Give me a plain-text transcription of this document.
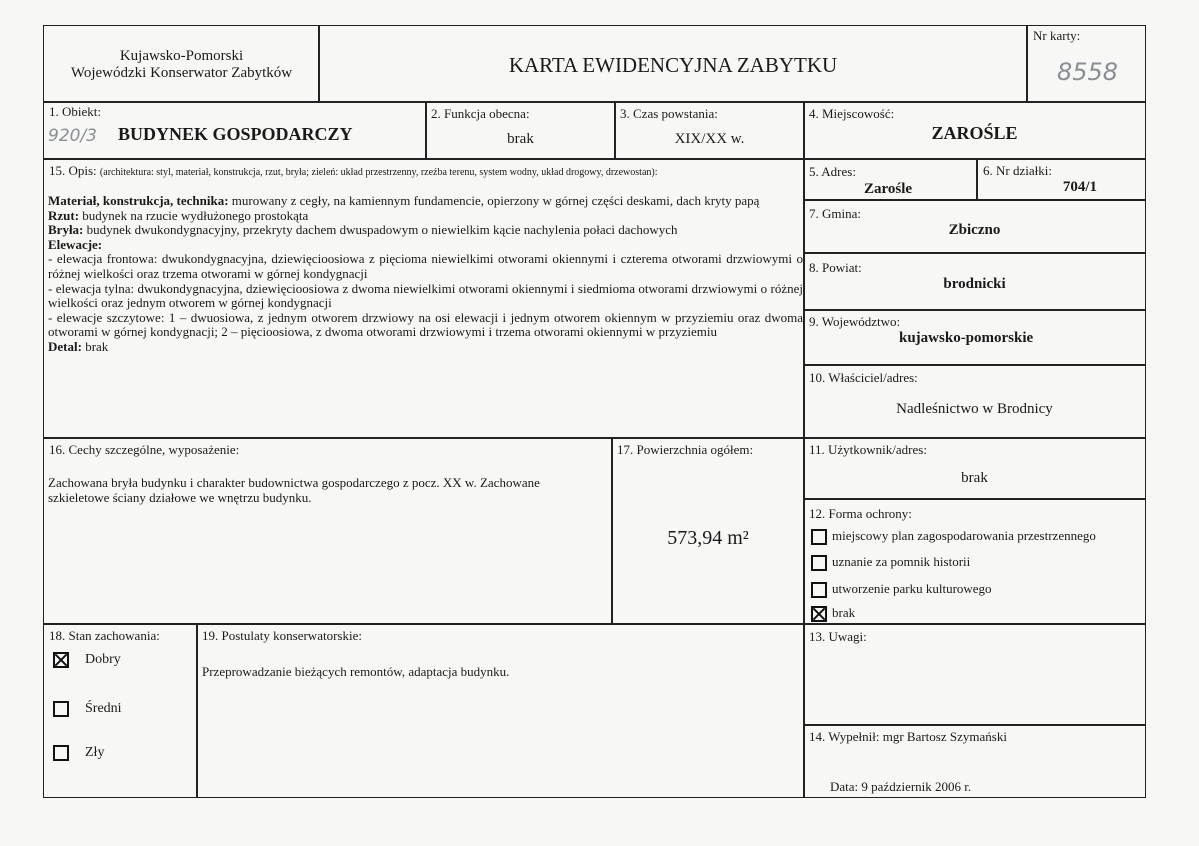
Kujawsko-Pomorski
Wojewódzki Konserwator Zabytków	KARTA EWIDENCYJNA ZABYTKU
Nr karty:
8558
1. Obiekt:
920/3 BUDYNEK GOSPODARCZY
2. Funkcja obecna:
brak
3. Czas powstania:
XIX/XX w.
4. Miejscowość:
ZAROŚLE
5. Adres:
Zarośle
6. Nr działki:
704/1
7. Gmina:
Zbiczno
8. Powiat:
brodnicki
9. Województwo:
kujawsko-pomorskie
10. Właściciel/adres:
Nadleśnictwo w Brodnicy
11. Użytkownik/adres:
brak
12. Forma ochrony:
miejscowy plan zagospodarowania przestrzennego
uznanie za pomnik historii
utworzenie parku kulturowego
brak
13. Uwagi:
14. Wypełnił: mgr Bartosz Szymański
Data: 9 październik 2006 r.
15. Opis: (architektura: styl, materiał, konstrukcja, rzut, bryła; zieleń: układ przestrzenny, rzeźba terenu, system wodny, układ drogowy, drzewostan):

Materiał, konstrukcja, technika: murowany z cegły, na kamiennym fundamencie, opierzony w górnej części deskami, dach kryty papą

Rzut: budynek na rzucie wydłużonego prostokąta

Bryła: budynek dwukondygnacyjny, przekryty dachem dwuspadowym o niewielkim kącie nachylenia połaci dachowych

Elewacje:

- elewacja frontowa: dwukondygnacyjna, dziewięcioosiowa z pięcioma niewielkimi otworami okiennymi i czterema otworami drzwiowymi o różnej wielkości oraz trzema otworami w górnej kondygnacji

- elewacja tylna: dwukondygnacyjna, dziewięcioosiowa z dwoma niewielkimi otworami okiennymi i siedmioma otworami drzwiowymi o różnej wielkości oraz jednym otworem w górnej kondygnacji

- elewacje szczytowe: 1 – dwuosiowa, z jednym otworem drzwiowy na osi elewacji i jednym otworem okiennym w przyziemiu oraz dwoma otworami w górnej kondygnacji; 2 – pięcioosiowa, z dwoma otworami drzwiowymi i trzema otworami okiennymi w przyziemiu

Detal: brak

16. Cechy szczególne, wyposażenie:
Zachowana bryła budynku i charakter budownictwa gospodarczego z pocz. XX w. Zachowane szkieletowe ściany działowe we wnętrzu budynku.
17. Powierzchnia ogółem:
573,94 m²
18. Stan zachowania:
Dobry
Średni
Zły
19. Postulaty konserwatorskie:
Przeprowadzanie bieżących remontów, adaptacja budynku.
